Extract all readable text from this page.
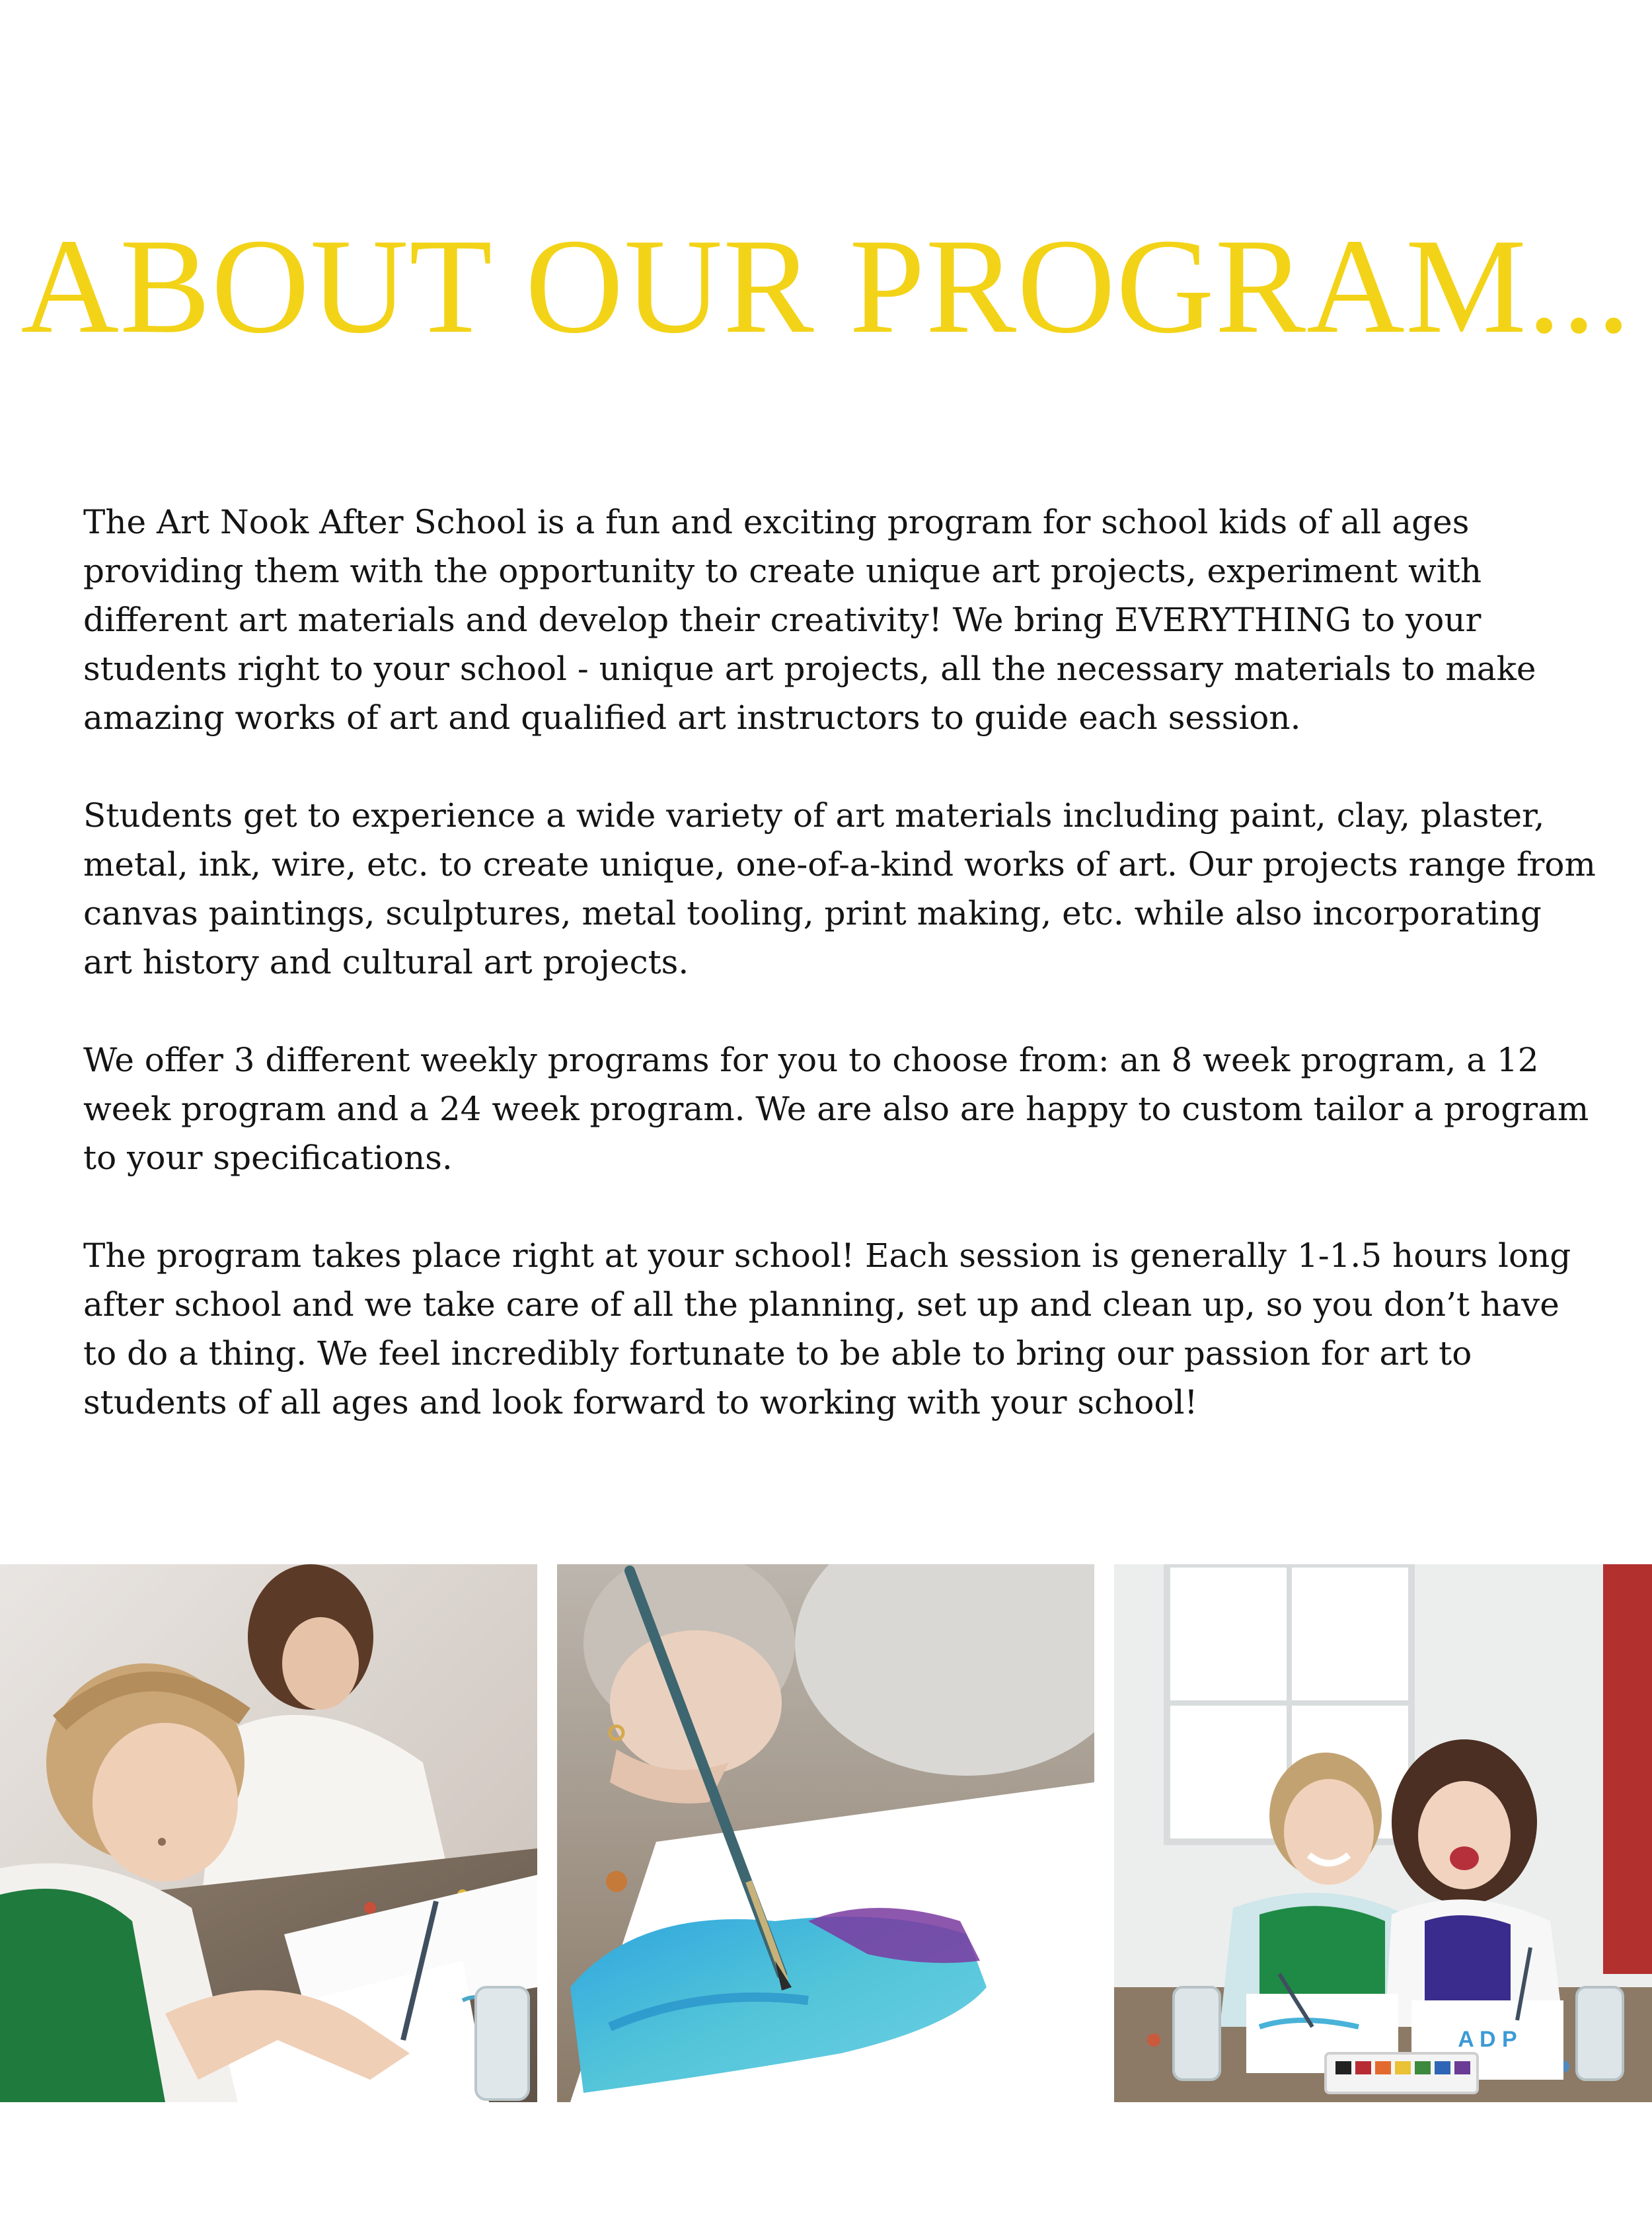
ABOUT OUR PROGRAM...

The Art Nook After School is a fun and exciting program for school kids of all ages providing them with the opportunity to create unique art projects, experiment with different art materials and develop their creativity! We bring EVERYTHING to your students right to your school - unique art projects, all the necessary materials to make amazing works of art and qualified art instructors to guide each session.

Students get to experience a wide variety of art materials including paint, clay, plaster, metal, ink, wire, etc. to create unique, one-of-a-kind works of art. Our projects range from canvas paintings, sculptures, metal tooling, print making, etc. while also incorporating art history and cultural art projects.

We offer 3 different weekly programs for you to choose from: an 8 week program, a 12 week program and a 24 week program. We are also are happy to custom tailor a program to your specifications.

The program takes place right at your school! Each session is generally 1-1.5 hours long after school and we take care of all the planning, set up and clean up, so you don’t have to do a thing. We feel incredibly fortunate to be able to bring our passion for art to students of all ages and look forward to working with your school!

A D P
